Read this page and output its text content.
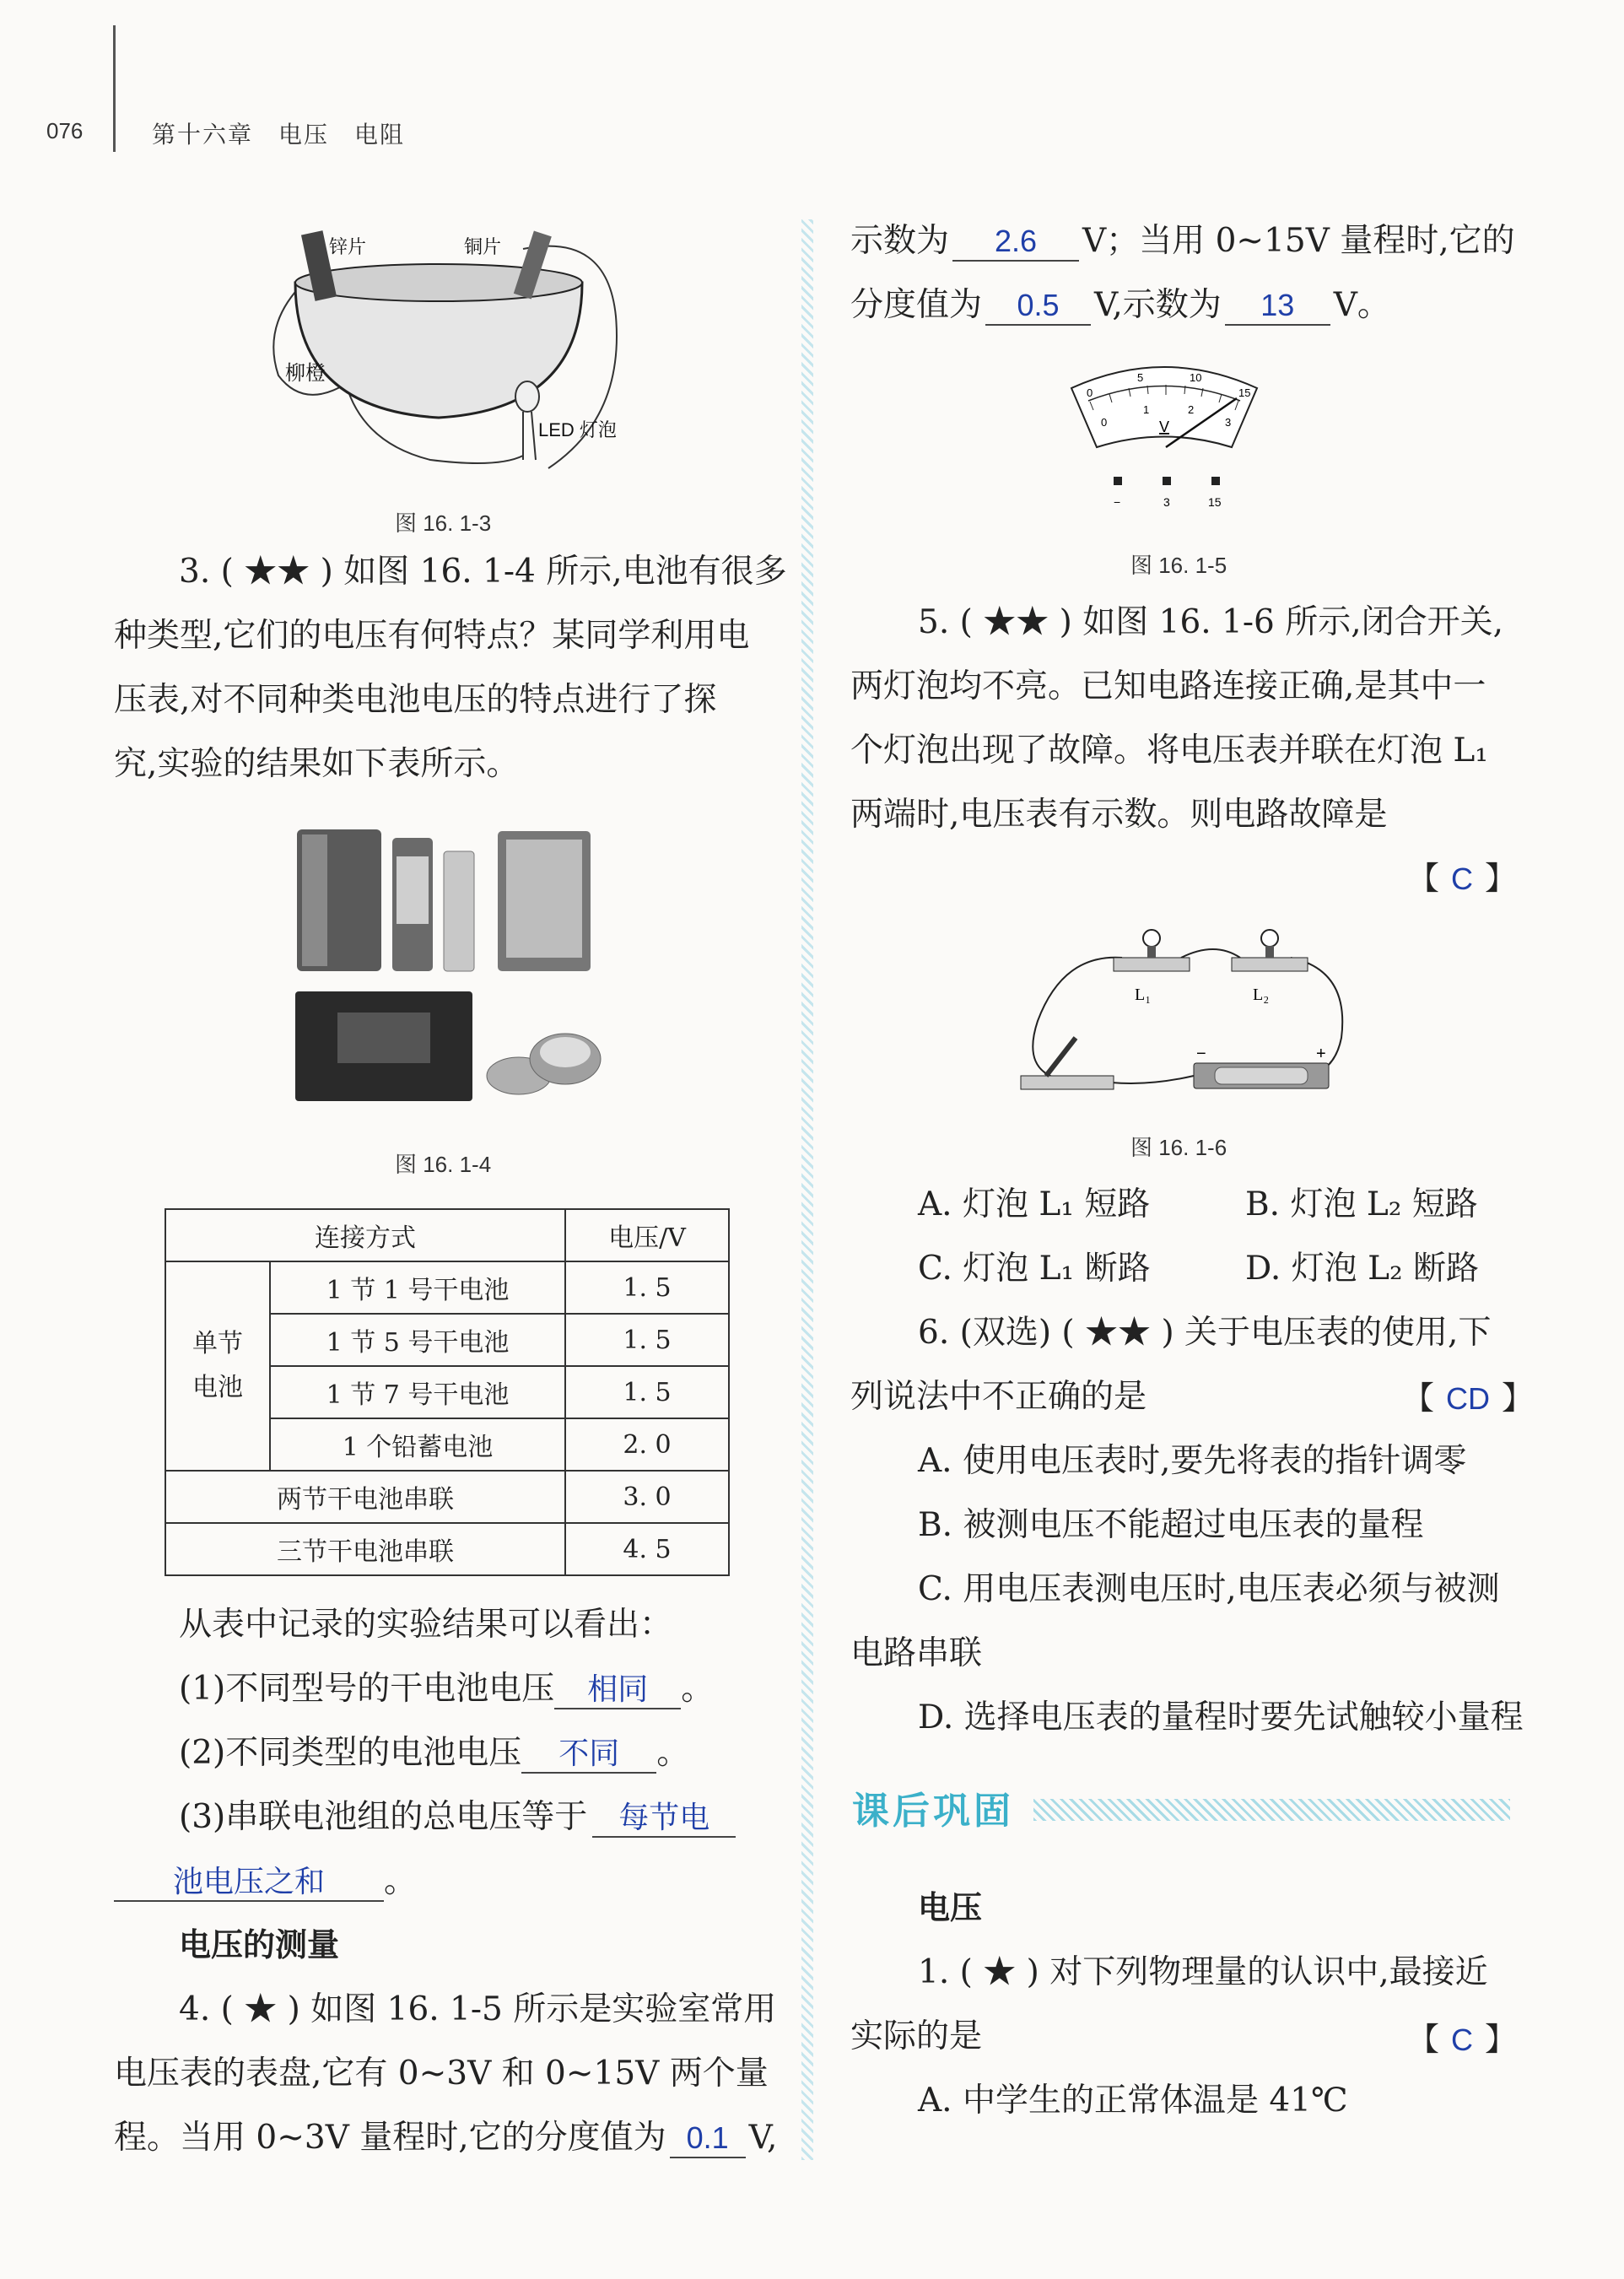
076	第十六章　电压　电阻
锌片	铜片
柳橙
LED 灯泡
图 16. 1-3
3. ( ★★ ) 如图 16. 1-4 所示,电池有很多
种类型,它们的电压有何特点？某同学利用电
压表,对不同种类电池电压的特点进行了探
究,实验的结果如下表所示。
图 16. 1-4
连接方式		电压/V
单节
电池	1 节 1 号干电池	1. 5
	1 节 5 号干电池	1. 5
	1 节 7 号干电池	1. 5
	1 个铅蓄电池	2. 0
两节干电池串联		3. 0
三节干电池串联		4. 5
从表中记录的实验结果可以看出：
(1)不同型号的干电池电压 相同 。
(2)不同类型的电池电压 不同 。
(3)串联电池组的总电压等于 每节电
池电压之和 。
电压的测量
4. ( ★ ) 如图 16. 1-5 所示是实验室常用
电压表的表盘,它有 0~3V 和 0~15V 两个量
程。当用 0~3V 量程时,它的分度值为 0.1 V,
示数为 2.6 V；当用 0~15V 量程时,它的
分度值为 0.5 V,示数为 13 V。
0
5	10
15
0
1	2
3
V
−	3	15
图 16. 1-5
5. ( ★★ ) 如图 16. 1-6 所示,闭合开关,
两灯泡均不亮。已知电路连接正确,是其中一
个灯泡出现了故障。将电压表并联在灯泡 L₁
两端时,电压表有示数。则电路故障是
【 C 】
L₁	L₂
−	+
图 16. 1-6
A. 灯泡 L₁ 短路	B. 灯泡 L₂ 短路
C. 灯泡 L₁ 断路	D. 灯泡 L₂ 断路
6. (双选) ( ★★ ) 关于电压表的使用,下
列说法中不正确的是	【 CD 】
A. 使用电压表时,要先将表的指针调零
B. 被测电压不能超过电压表的量程
C. 用电压表测电压时,电压表必须与被测
电路串联
D. 选择电压表的量程时要先试触较小量程
课后巩固
电压
1. ( ★ ) 对下列物理量的认识中,最接近
实际的是	【 C 】
A. 中学生的正常体温是 41℃
